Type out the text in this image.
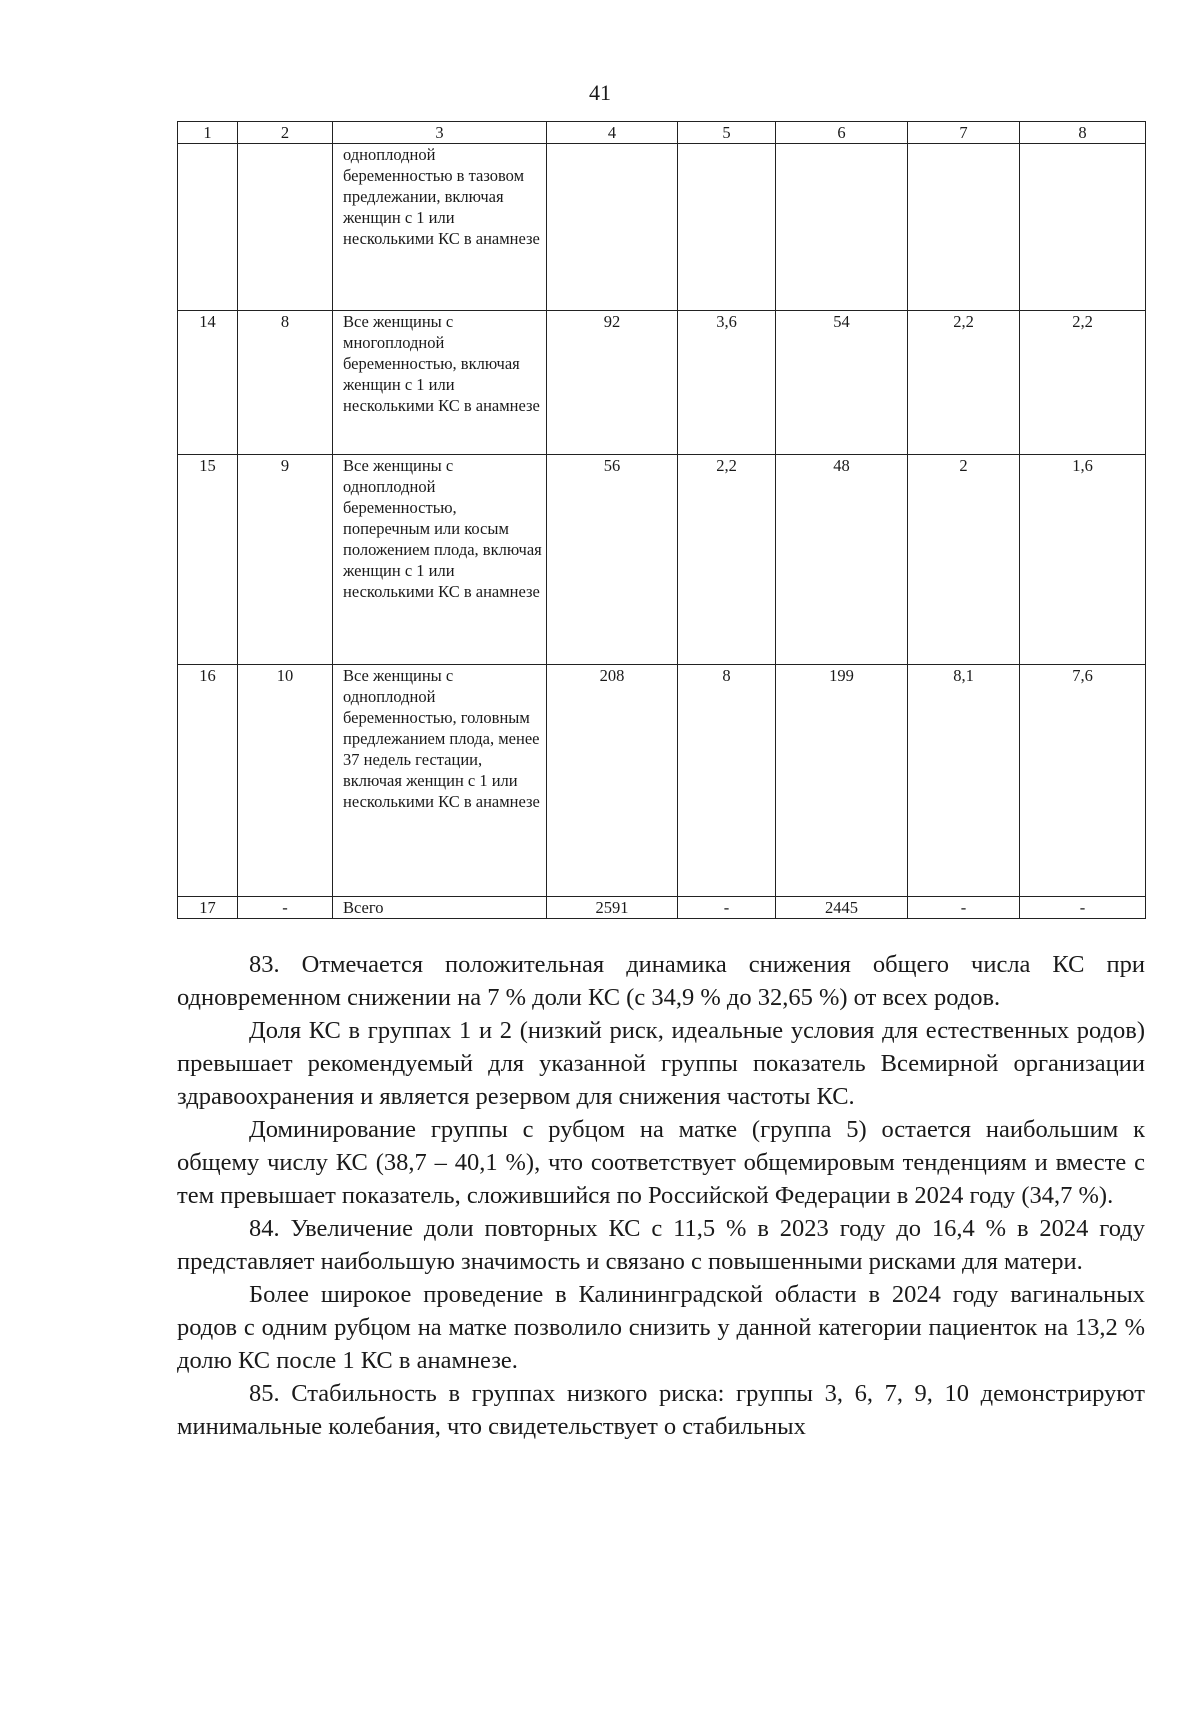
41
1	2	3	4	5	6	7	8
		одноплодной беременностью в тазовом предлежании, включая женщин с 1 или несколькими КС в анамнезе					
14	8	Все женщины с многоплодной беременностью, включая женщин с 1 или несколькими КС в анамнезе	92	3,6	54	2,2	2,2
15	9	Все женщины с одноплодной беременностью, поперечным или косым положением плода, включая женщин с 1 или несколькими КС в анамнезе	56	2,2	48	2	1,6
16	10	Все женщины с одноплодной беременностью, головным предлежанием плода, менее 37 недель гестации, включая женщин с 1 или несколькими КС в анамнезе	208	8	199	8,1	7,6
17	-	Всего	2591	-	2445	-	-

83. Отмечается положительная динамика снижения общего числа КС при одновременном снижении на 7 % доли КС (с 34,9 % до 32,65 %) от всех родов.

Доля КС в группах 1 и 2 (низкий риск, идеальные условия для естественных родов) превышает рекомендуемый для указанной группы показатель Всемирной организации здравоохранения и является резервом для снижения частоты КС.

Доминирование группы с рубцом на матке (группа 5) остается наибольшим к общему числу КС (38,7 – 40,1 %), что соответствует общемировым тенденциям и вместе с тем превышает показатель, сложившийся по Российской Федерации в 2024 году (34,7 %).

84. Увеличение доли повторных КС с 11,5 % в 2023 году до 16,4 % в 2024 году представляет наибольшую значимость и связано с повышенными рисками для матери.

Более широкое проведение в Калининградской области в 2024 году вагинальных родов с одним рубцом на матке позволило снизить у данной категории пациенток на 13,2 % долю КС после 1 КС в анамнезе.

85. Стабильность в группах низкого риска: группы 3, 6, 7, 9, 10 демонстрируют минимальные колебания, что свидетельствует о стабильных
